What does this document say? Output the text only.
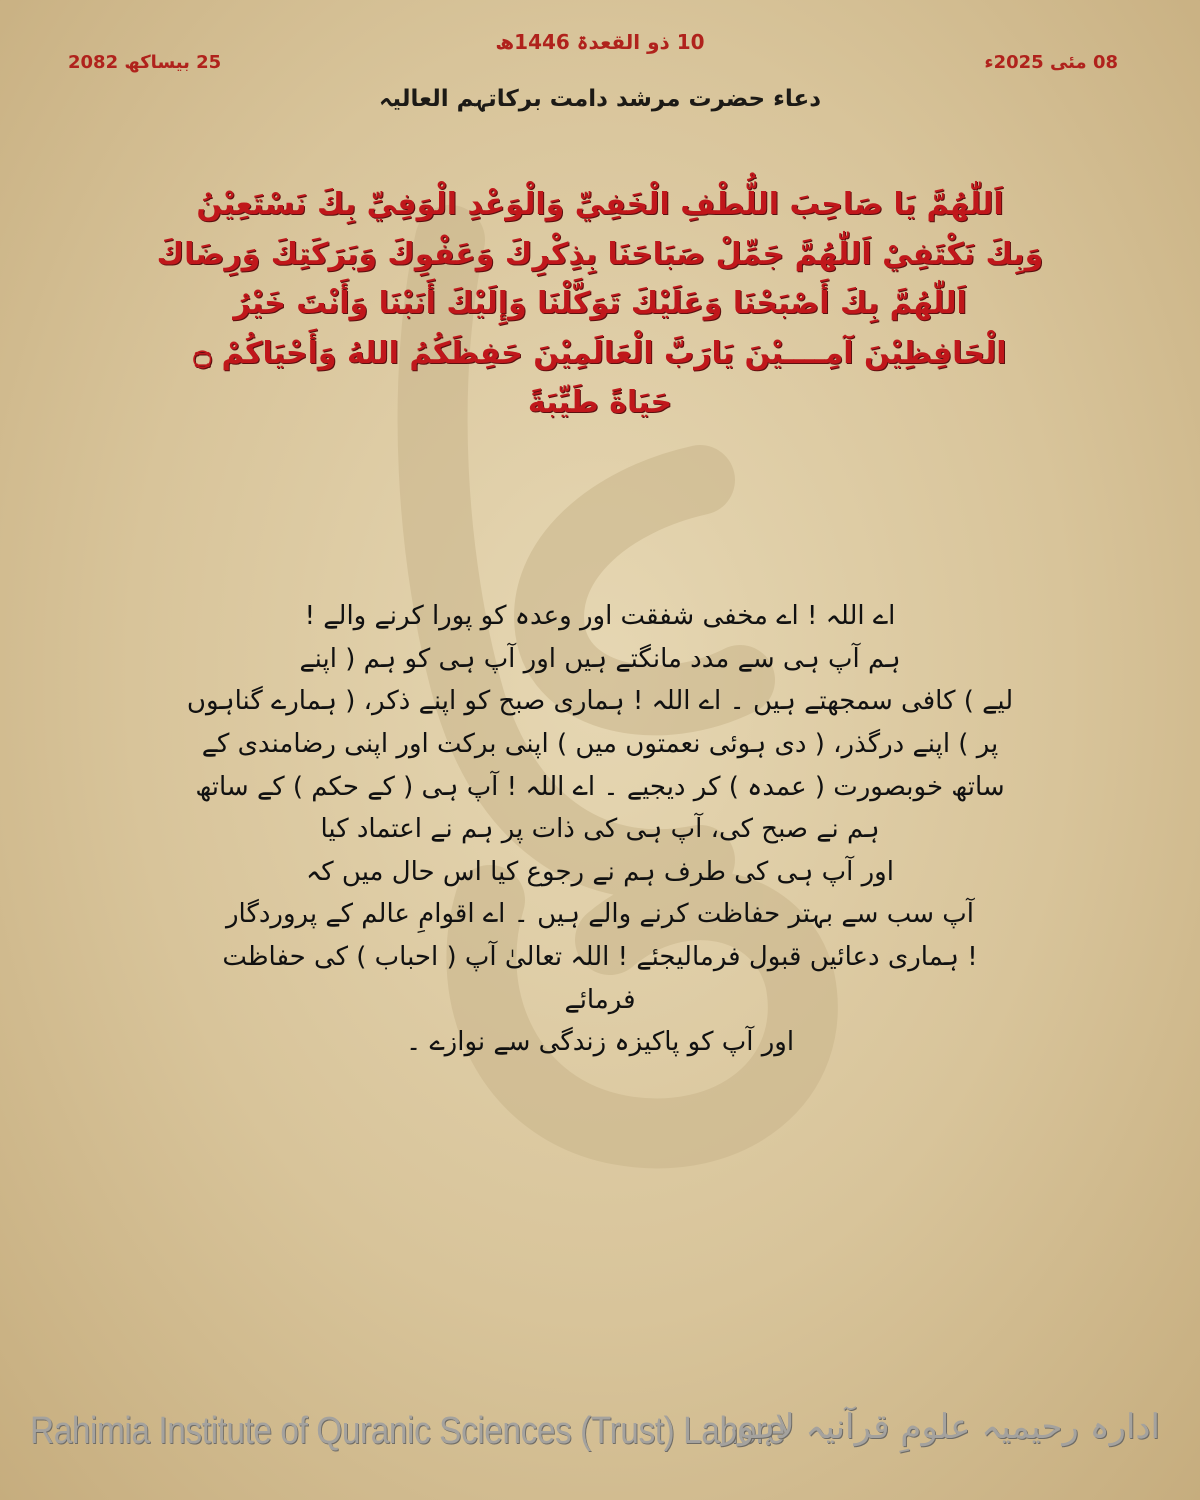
10 ذو القعدۃ 1446ھ
25 بیساکھ 2082	08 مئی 2025ء
دعاء حضرت مرشد دامت برکاتہم العالیہ

اَللّٰهُمَّ يَا صَاحِبَ اللُّطْفِ الْخَفِيِّ وَالْوَعْدِ الْوَفِيِّ بِكَ نَسْتَعِيْنُ
وَبِكَ نَكْتَفِيْ اَللّٰهُمَّ جَمِّلْ صَبَاحَنَا بِذِكْرِكَ وَعَفْوِكَ وَبَرَكَتِكَ وَرِضَاكَ
اَللّٰهُمَّ بِكَ أَصْبَحْنَا وَعَلَيْكَ تَوَكَّلْنَا وَإِلَيْكَ أَنَبْنَا وَأَنْتَ خَيْرُ
الْحَافِظِيْنَ آمِــــيْنَ يَارَبَّ الْعَالَمِيْنَ حَفِظَكُمُ اللهُ وَأَحْيَاكُمْ ۝
حَيَاةً طَيِّبَةً

اے اللہ ! اے مخفی شفقت اور وعدہ کو پورا کرنے والے !
ہم آپ ہی سے مدد مانگتے ہیں اور آپ ہی کو ہم ( اپنے
لیے ) کافی سمجھتے ہیں ۔ اے اللہ ! ہماری صبح کو اپنے ذکر، ( ہمارے گناہوں
پر ) اپنے درگذر، ( دی ہوئی نعمتوں میں ) اپنی برکت اور اپنی رضامندی کے
ساتھ خوبصورت ( عمدہ ) کر دیجیے ۔ اے اللہ ! آپ ہی ( کے حکم ) کے ساتھ
ہم نے صبح کی، آپ ہی کی ذات پر ہم نے اعتماد کیا
اور آپ ہی کی طرف ہم نے رجوع کیا اس حال میں کہ
آپ سب سے بہتر حفاظت کرنے والے ہیں ۔ اے اقوامِ عالم کے پروردگار
! ہماری دعائیں قبول فرمالیجئے ! اللہ تعالیٰ آپ ( احباب ) کی حفاظت فرمائے
اور آپ کو پاکیزہ زندگی سے نوازے ۔
Rahimia Institute of Quranic Sciences (Trust) Lahore
ادارہ رحیمیہ علومِ قرآنیہ لاہور
